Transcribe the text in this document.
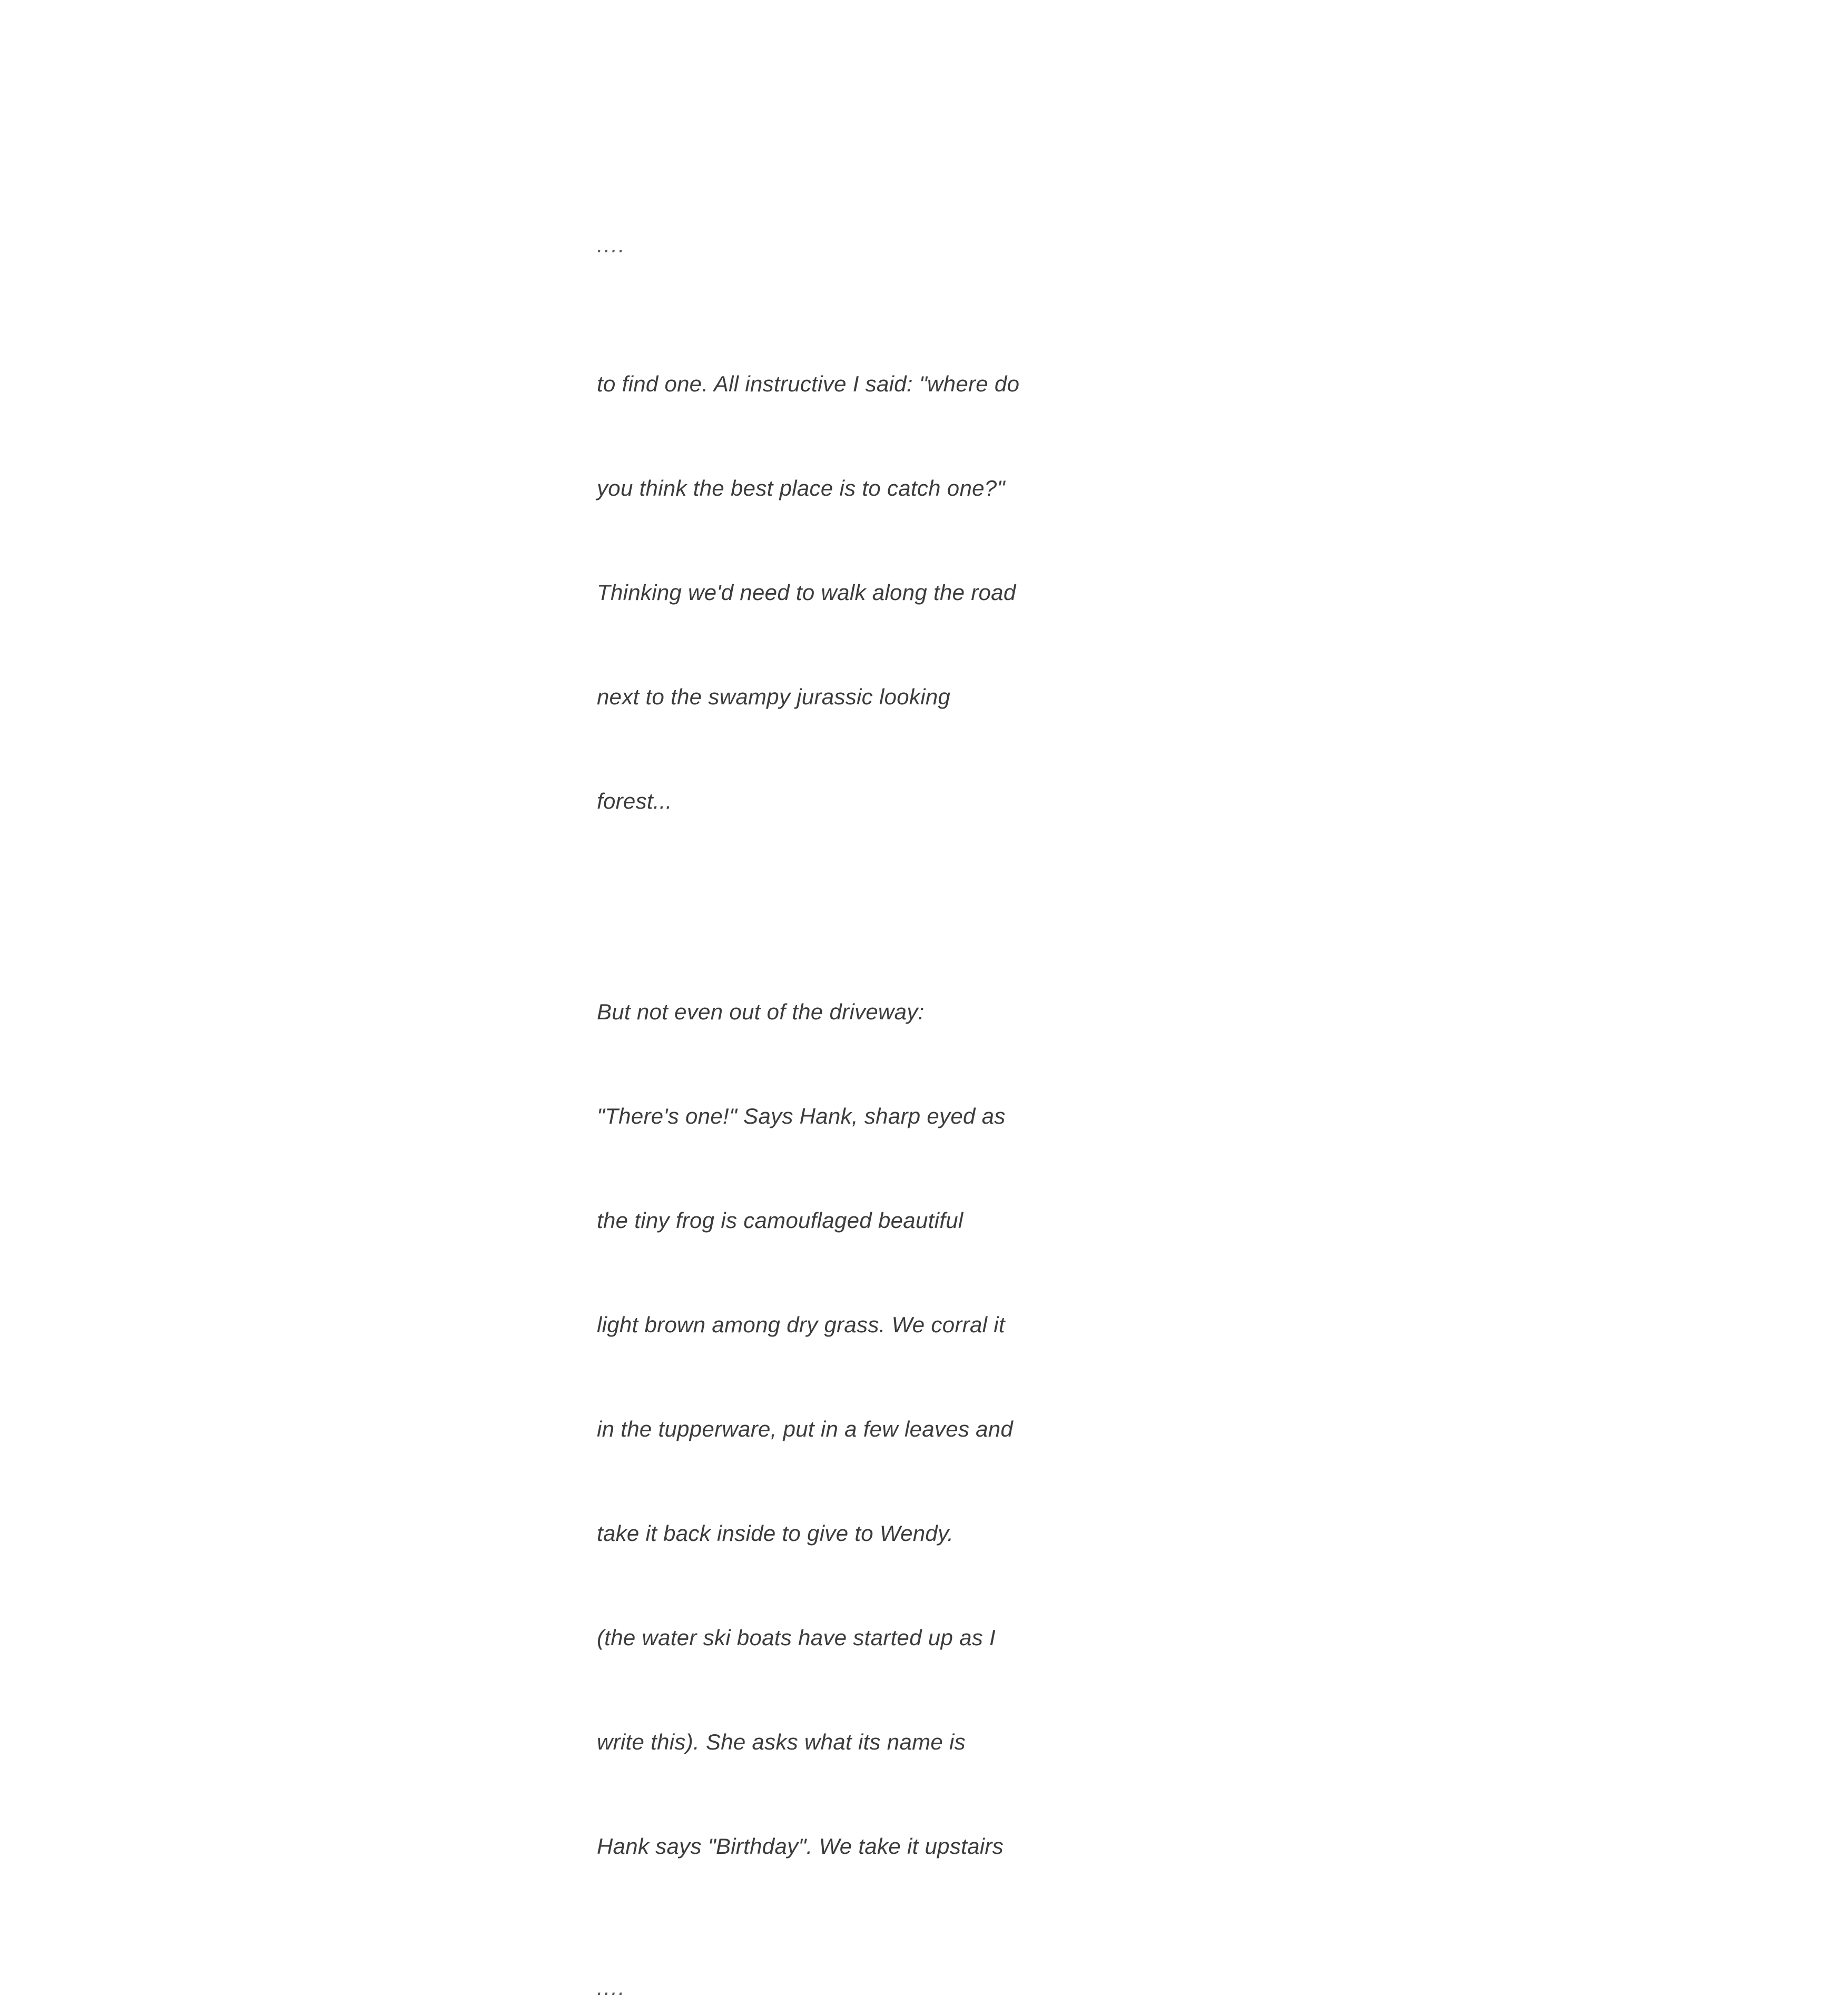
....

to find one. All instructive I said: "where do

you think the best place is to catch one?"

Thinking we'd need to walk along the road

next to the swampy jurassic looking

forest...

But not even out of the driveway:

"There's one!" Says Hank, sharp eyed as

the tiny frog is camouflaged beautiful

light brown among dry grass. We corral it

in the tupperware, put in a few leaves and

take it back inside to give to Wendy.

(the water ski boats have started up as I

write this). She asks what its name is

Hank says "Birthday". We take it upstairs

....
